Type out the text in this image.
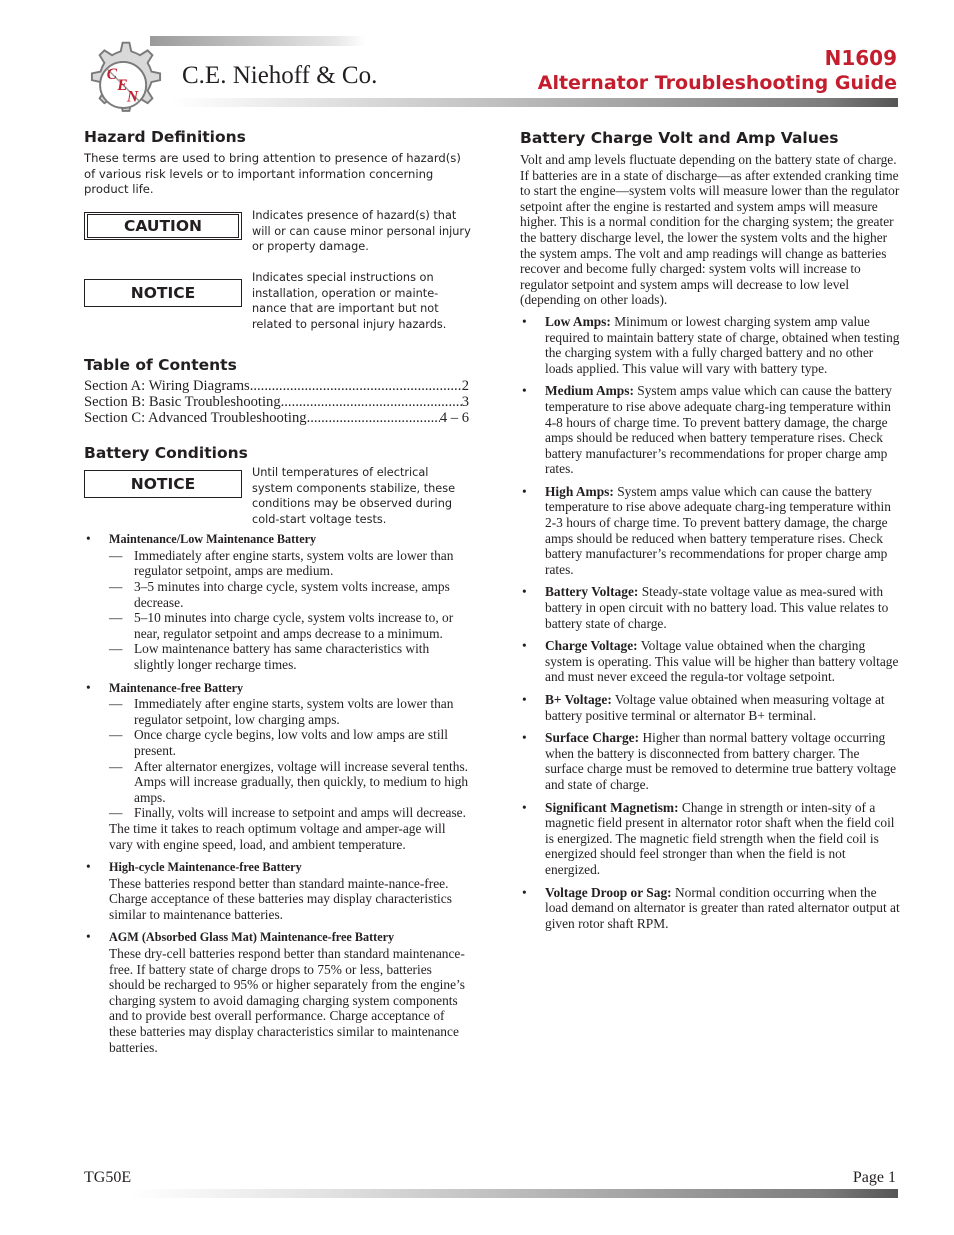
C
E
N
C.E. Niehoff & Co.
N1609
Alternator Troubleshooting Guide
Hazard Definitions

These terms are used to bring attention to presence of hazard(s) of various risk levels or to important information concerning product life.

CAUTION
Indicates presence of hazard(s) that will or can cause minor personal injury or property damage.
NOTICE
Indicates special instructions on installation, operation or mainte-nance that are important but not related to personal injury hazards.
Table of Contents
Section A: Wiring Diagrams .....	2
Section B: Basic Troubleshooting .....	3
Section C: Advanced Troubleshooting .....	4 – 6
Battery Conditions
NOTICE
Until temperatures of electrical system components stabilize, these conditions may be observed during cold-start voltage tests.
• Maintenance/Low Maintenance Battery
— Immediately after engine starts, system volts are lower than regulator setpoint, amps are medium.
— 3–5 minutes into charge cycle, system volts increase, amps decrease.
— 5–10 minutes into charge cycle, system volts increase to, or near, regulator setpoint and amps decrease to a minimum.
— Low maintenance battery has same characteristics with slightly longer recharge times.
• Maintenance-free Battery
— Immediately after engine starts, system volts are lower than regulator setpoint, low charging amps.
— Once charge cycle begins, low volts and low amps are still present.
— After alternator energizes, voltage will increase several tenths. Amps will increase gradually, then quickly, to medium to high amps.
— Finally, volts will increase to setpoint and amps will decrease.
The time it takes to reach optimum voltage and amper-age will vary with engine speed, load, and ambient temperature.
• High-cycle Maintenance-free Battery
These batteries respond better than standard mainte-nance-free. Charge acceptance of these batteries may display characteristics similar to maintenance batteries.
• AGM (Absorbed Glass Mat) Maintenance-free Battery
These dry-cell batteries respond better than standard maintenance-free. If battery state of charge drops to 75% or less, batteries should be recharged to 95% or higher separately from the engine’s charging system to avoid damaging charging system components and to provide best overall performance. Charge acceptance of these batteries may display characteristics similar to maintenance batteries.
Battery Charge Volt and Amp Values

Volt and amp levels fluctuate depending on the battery state of charge. If batteries are in a state of discharge—as after extended cranking time to start the engine—system volts will measure lower than the regulator setpoint after the engine is restarted and system amps will measure higher. This is a normal condition for the charging system; the greater the battery discharge level, the lower the system volts and the higher the system amps. The volt and amp readings will change as batteries recover and become fully charged: system volts will increase to regulator setpoint and system amps will decrease to low level (depending on other loads).

• Low Amps: Minimum or lowest charging system amp value required to maintain battery state of charge, obtained when testing the charging system with a fully charged battery and no other loads applied. This value will vary with battery type.
• Medium Amps: System amps value which can cause the battery temperature to rise above adequate charg-ing temperature within 4-8 hours of charge time. To prevent battery damage, the charge amps should be reduced when battery temperature rises. Check battery manufacturer’s recommendations for proper charge amp rates.
• High Amps: System amps value which can cause the battery temperature to rise above adequate charg-ing temperature within 2-3 hours of charge time. To prevent battery damage, the charge amps should be reduced when battery temperature rises. Check battery manufacturer’s recommendations for proper charge amp rates.
• Battery Voltage: Steady-state voltage value as mea-sured with battery in open circuit with no battery load. This value relates to battery state of charge.
• Charge Voltage: Voltage value obtained when the charging system is operating. This value will be higher than battery voltage and must never exceed the regula-tor voltage setpoint.
• B+ Voltage: Voltage value obtained when measuring voltage at battery positive terminal or alternator B+ terminal.
• Surface Charge: Higher than normal battery voltage occurring when the battery is disconnected from battery charger. The surface charge must be removed to determine true battery voltage and state of charge.
• Significant Magnetism: Change in strength or inten-sity of a magnetic field present in alternator rotor shaft when the field coil is energized. The magnetic field strength when the field coil is energized should feel stronger than when the field is not energized.
• Voltage Droop or Sag: Normal condition occurring when the load demand on alternator is greater than rated alternator output at given rotor shaft RPM.
TG50E	Page 1
